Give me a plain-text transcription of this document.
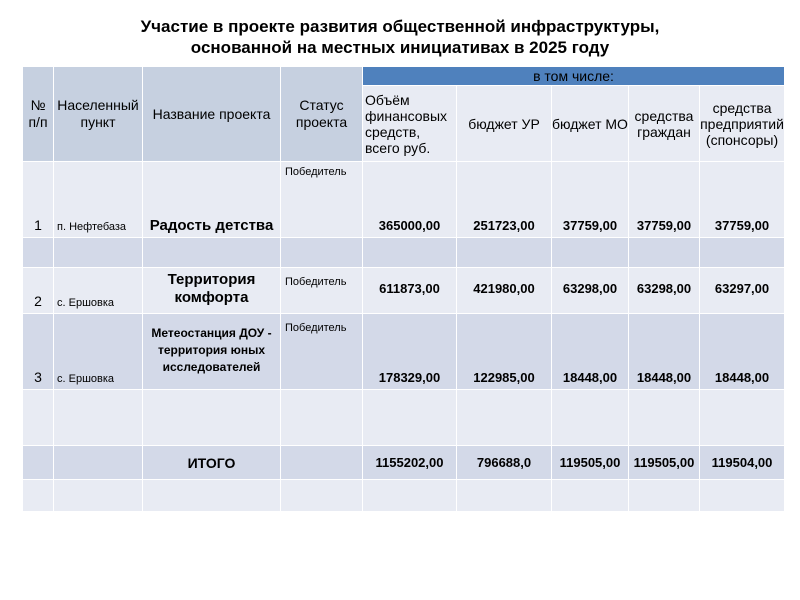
Участие в проекте развития общественной инфраструктуры,
основанной на местных инициативах в 2025 году
№ п/п	Населенный пункт	Название проекта	Статус проекта	в том числе:				
				Объём финансовых средств, всего руб.	бюджет УР	бюджет МО	средства граждан	средства предприятий (спонсоры)
1	п. Нефтебаза	Радость детства	Победитель	365000,00	251723,00	37759,00	37759,00	37759,00

2	с. Ершовка	Территория комфорта	Победитель	611873,00	421980,00	63298,00	63298,00	63297,00
3	с. Ершовка	Метеостанция ДОУ - территория юных исследователей	Победитель	178329,00	122985,00	18448,00	18448,00	18448,00

		ИТОГО		1155202,00	796688,0	119505,00	119505,00	119504,00
